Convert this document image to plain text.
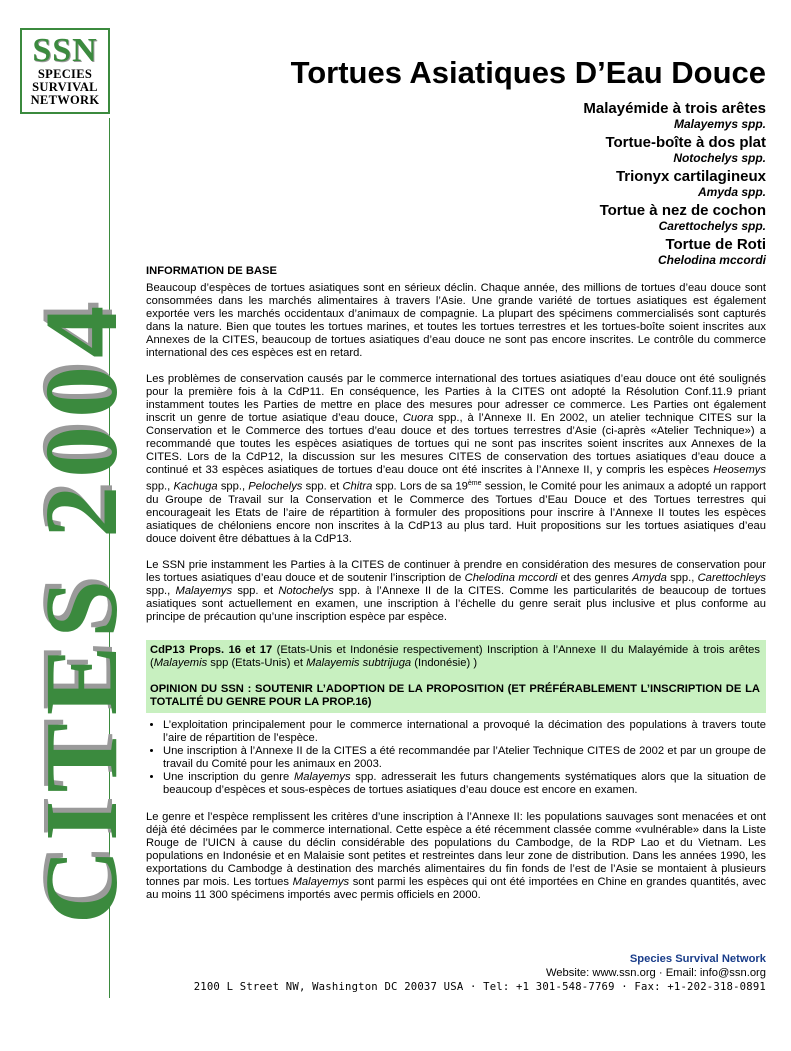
SSN
SPECIES
SURVIVAL
NETWORK
CITES 2004
Tortues Asiatiques D’Eau Douce
Malayémide à trois arêtes
Malayemys spp.
Tortue-boîte à dos plat
Notochelys spp.
Trionyx cartilagineux
Amyda spp.
Tortue à nez de cochon
Carettochelys spp.
Tortue de Roti
Chelodina mccordi
INFORMATION DE BASE

Beaucoup d’espèces de tortues asiatiques sont en sérieux déclin. Chaque année, des millions de tortues d’eau douce sont consommées dans les marchés alimentaires à travers l’Asie. Une grande variété de tortues asiatiques est également exportée vers les marchés occidentaux d’animaux de compagnie. La plupart des spécimens commercialisés sont capturés dans la nature. Bien que toutes les tortues marines, et toutes les tortues terrestres et les tortues-boîte soient inscrites aux Annexes de la CITES, beaucoup de tortues asiatiques d’eau douce ne sont pas encore inscrites. Le contrôle du commerce international des ces espèces est en retard.

Les problèmes de conservation causés par le commerce international des tortues asiatiques d’eau douce ont été soulignés pour la première fois à la CdP11. En conséquence, les Parties à la CITES ont adopté la Résolution Conf.11.9 priant instamment toutes les Parties de mettre en place des mesures pour adresser ce commerce. Les Parties ont également inscrit un genre de tortue asiatique d’eau douce, Cuora spp., à l’Annexe II. En 2002, un atelier technique CITES sur la Conservation et le Commerce des tortues d’eau douce et des tortues terrestres d’Asie (ci-après «Atelier Technique») a recommandé que toutes les espèces asiatiques de tortues qui ne sont pas inscrites soient inscrites aux Annexes de la CITES. Lors de la CdP12, la discussion sur les mesures CITES de conservation des tortues asiatiques d’eau douce a continué et 33 espèces asiatiques de tortues d’eau douce ont été inscrites à l’Annexe II, y compris les espèces Heosemys spp., Kachuga spp., Pelochelys spp. et Chitra spp. Lors de sa 19ème session, le Comité pour les animaux a adopté un rapport du Groupe de Travail sur la Conservation et le Commerce des Tortues d’Eau Douce et des Tortues terrestres qui encourageait les Etats de l’aire de répartition à formuler des propositions pour inscrire à l’Annexe II toutes les espèces asiatiques de chéloniens encore non inscrites à la CdP13 au plus tard. Huit propositions sur les tortues asiatiques d’eau douce doivent être débattues à la CdP13.

Le SSN prie instamment les Parties à la CITES de continuer à prendre en considération des mesures de conservation pour les tortues asiatiques d’eau douce et de soutenir l’inscription de Chelodina mccordi et des genres Amyda spp., Carettochleys spp., Malayemys spp. et Notochelys spp. à l’Annexe II de la CITES. Comme les particularités de beaucoup de tortues asiatiques sont actuellement en examen, une inscription à l’échelle du genre serait plus inclusive et plus conforme au principe de précaution qu’une inscription espèce par espèce.

CdP13 Props. 16 et 17 (Etats-Unis et Indonésie respectivement) Inscription à l’Annexe II du Malayémide à trois arêtes (Malayemis spp (Etats-Unis) et Malayemis subtrijuga (Indonésie) )

OPINION DU SSN : SOUTENIR L’ADOPTION DE LA PROPOSITION (ET PRÉFÉRABLEMENT L’INSCRIPTION DE LA TOTALITÉ DU GENRE POUR LA PROP.16)

• L’exploitation principalement pour le commerce international a provoqué la décimation des populations à travers toute l’aire de répartition de l’espèce.
• Une inscription à l’Annexe II de la CITES a été recommandée par l’Atelier Technique CITES de 2002 et par un groupe de travail du Comité pour les animaux en 2003.
• Une inscription du genre Malayemys spp. adresserait les futurs changements systématiques alors que la situation de beaucoup d’espèces et sous-espèces de tortues asiatiques d’eau douce est encore en examen.

Le genre et l’espèce remplissent les critères d’une inscription à l’Annexe II: les populations sauvages sont menacées et ont déjà été décimées par le commerce international. Cette espèce a été récemment classée comme «vulnérable» dans la Liste Rouge de l’UICN à cause du déclin considérable des populations du Cambodge, de la RDP Lao et du Vietnam. Les populations en Indonésie et en Malaisie sont petites et restreintes dans leur zone de distribution. Dans les années 1990, les exportations du Cambodge à destination des marchés alimentaires du fin fonds de l’est de l’Asie se montaient à plusieurs tonnes par mois. Les tortues Malayemys sont parmi les espèces qui ont été importées en Chine en grandes quantités, avec au moins 11 300 spécimens importés avec permis officiels en 2000.

Species Survival Network
Website: www.ssn.org · Email: info@ssn.org
2100 L Street NW, Washington DC 20037 USA · Tel: +1 301-548-7769 · Fax: +1-202-318-0891
